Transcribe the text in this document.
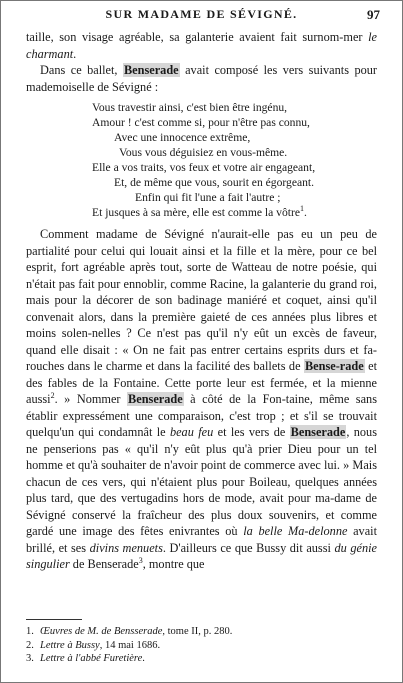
SUR MADAME DE SÉVIGNÉ.	97

taille, son visage agréable, sa galanterie avaient fait surnom-mer le charmant.

Dans ce ballet, Benserade avait composé les vers suivants pour mademoiselle de Sévigné :

Vous travestir ainsi, c'est bien être ingénu,
Amour ! c'est comme si, pour n'être pas connu,
Avec une innocence extrême,
Vous vous déguisiez en vous-même.
Elle a vos traits, vos feux et votre air engageant,
Et, de même que vous, sourit en égorgeant.
Enfin qui fit l'une a fait l'autre ;
Et jusques à sa mère, elle est comme la vôtre$^1$.

Comment madame de Sévigné n'aurait-elle pas eu un peu de partialité pour celui qui louait ainsi et la fille et la mère, pour ce bel esprit, fort agréable après tout, sorte de Watteau de notre poésie, qui n'était pas fait pour ennoblir, comme Racine, la galanterie du grand roi, mais pour la décorer de son badinage maniéré et coquet, ainsi qu'il convenait alors, dans la première gaieté de ces années plus libres et moins solen-nelles ? Ce n'est pas qu'il n'y eût un excès de faveur, quand elle disait : « On ne fait pas entrer certains esprits durs et fa-rouches dans le charme et dans la facilité des ballets de Bense-rade et des fables de la Fontaine. Cette porte leur est fermée, et la mienne aussi$^2$. » Nommer Benserade à côté de la Fon-taine, même sans établir expressément une comparaison, c'est trop ; et s'il se trouvait quelqu'un qui condamnât le beau feu et les vers de Benserade, nous ne penserions pas « qu'il n'y eût plus qu'à prier Dieu pour un tel homme et qu'à souhaiter de n'avoir point de commerce avec lui. » Mais chacun de ces vers, qui n'étaient plus pour Boileau, quelques années plus tard, que des vertugadins hors de mode, avait pour ma-dame de Sévigné conservé la fraîcheur des plus doux souvenirs, et comme gardé une image des fêtes enivrantes où la belle Ma-delonne avait brillé, et ses divins menuets. D'ailleurs ce que Bussy dit aussi du génie singulier de Benserade$^3$, montre que

1. Œuvres de M. de Bensserade, tome II, p. 280.
2. Lettre à Bussy, 14 mai 1686.
3. Lettre à l'abbé Furetière.
